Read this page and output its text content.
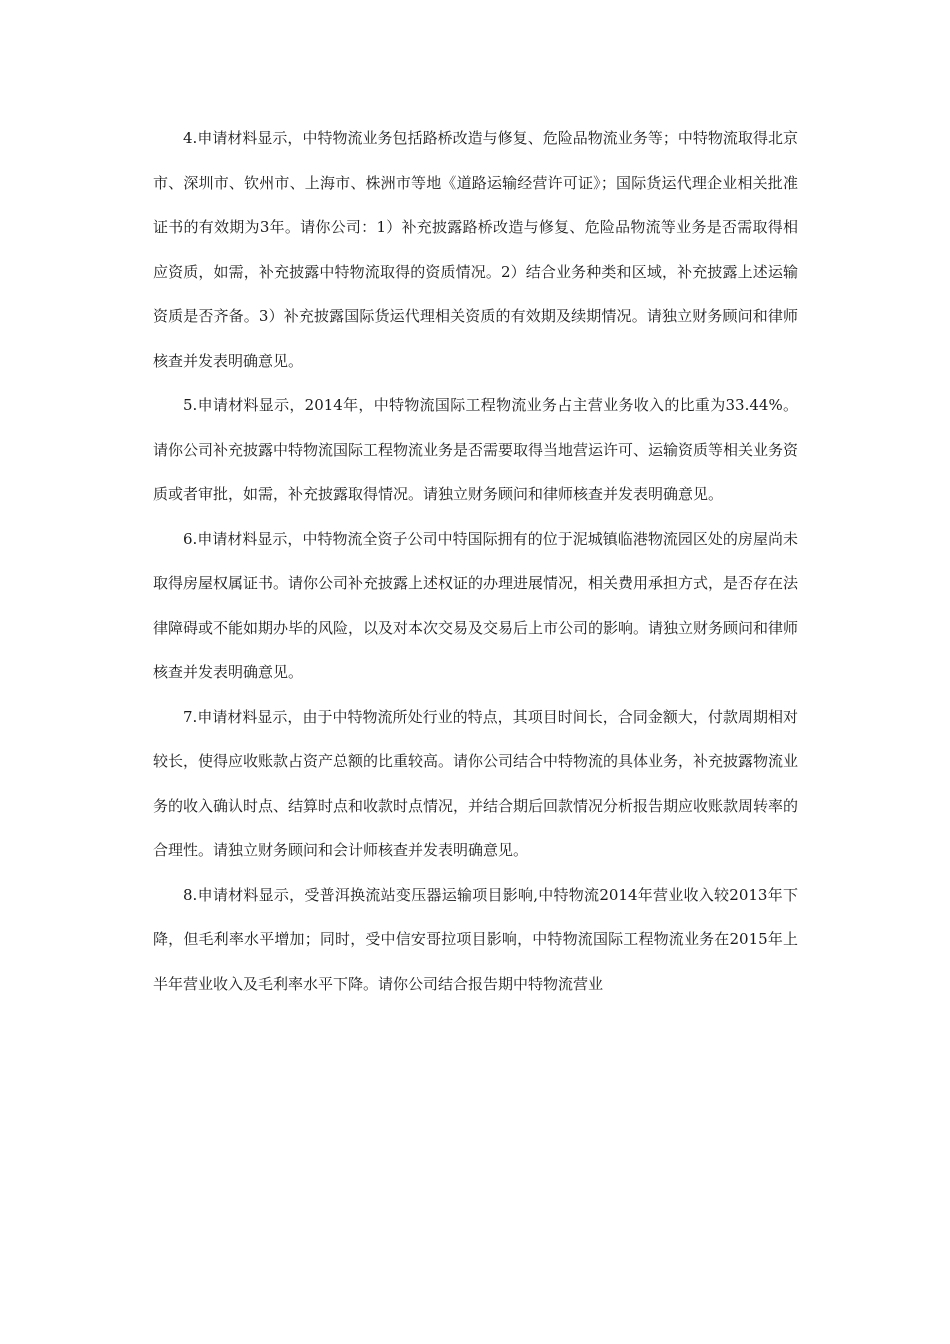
4.申请材料显示，中特物流业务包括路桥改造与修复、危险品物流业务等；中特物流取得北京市、深圳市、钦州市、上海市、株洲市等地《道路运输经营许可证》；国际货运代理企业相关批准证书的有效期为3年。请你公司：1）补充披露路桥改造与修复、危险品物流等业务是否需取得相应资质，如需，补充披露中特物流取得的资质情况。2）结合业务种类和区域，补充披露上述运输资质是否齐备。3）补充披露国际货运代理相关资质的有效期及续期情况。请独立财务顾问和律师核查并发表明确意见。

5.申请材料显示，2014年，中特物流国际工程物流业务占主营业务收入的比重为33.44%。请你公司补充披露中特物流国际工程物流业务是否需要取得当地营运许可、运输资质等相关业务资质或者审批，如需，补充披露取得情况。请独立财务顾问和律师核查并发表明确意见。

6.申请材料显示，中特物流全资子公司中特国际拥有的位于泥城镇临港物流园区处的房屋尚未取得房屋权属证书。请你公司补充披露上述权证的办理进展情况，相关费用承担方式，是否存在法律障碍或不能如期办毕的风险，以及对本次交易及交易后上市公司的影响。请独立财务顾问和律师核查并发表明确意见。

7.申请材料显示，由于中特物流所处行业的特点，其项目时间长，合同金额大，付款周期相对较长，使得应收账款占资产总额的比重较高。请你公司结合中特物流的具体业务，补充披露物流业务的收入确认时点、结算时点和收款时点情况，并结合期后回款情况分析报告期应收账款周转率的合理性。请独立财务顾问和会计师核查并发表明确意见。

8.申请材料显示，受普洱换流站变压器运输项目影响,中特物流2014年营业收入较2013年下降，但毛利率水平增加；同时，受中信安哥拉项目影响，中特物流国际工程物流业务在2015年上半年营业收入及毛利率水平下降。请你公司结合报告期中特物流营业
